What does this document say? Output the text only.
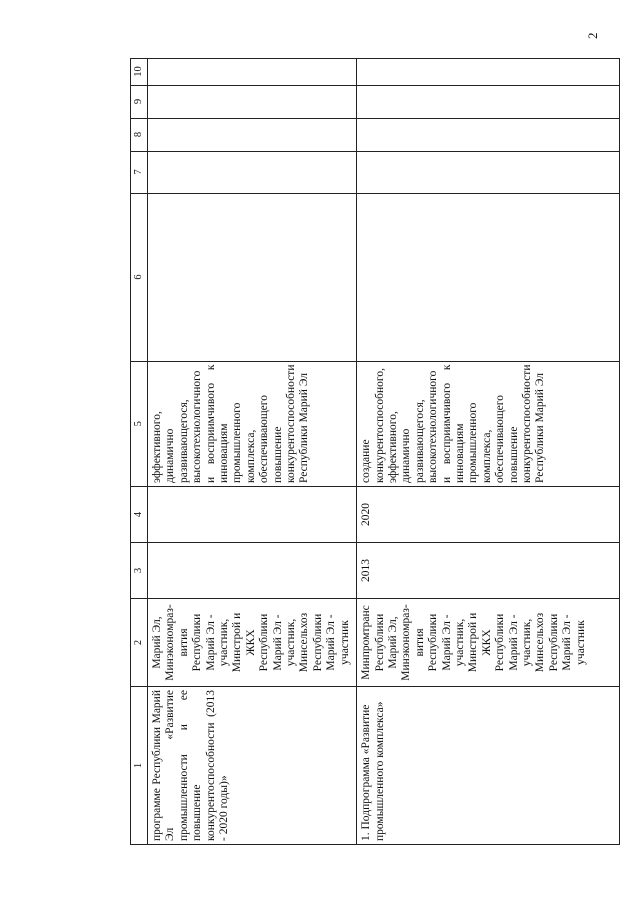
2
1	2	3	4	5	6	7	8	9	10

программе Республики Марий Эл «Развитие промышленности и ее повышение конкурентоспособности (2013 - 2020 годы)»	Марий Эл, Минэкономраз-вития Республики Марий Эл - участник, Минстрой и ЖКХ Республики Марий Эл - участник, Минсельхоз Республики Марий Эл - участник			эффективного, динамично развивающегося, высокотехнологичного и восприимчивого к инновациям промышленного комплекса, обеспечивающего повышение конкурентоспособности Республики Марий Эл					

1. Подпрограмма «Развитие промышленного комплекса»	Минпромтранс Республики Марий Эл, Минэкономраз-вития Республики Марий Эл - участник, Минстрой и ЖКХ Республики Марий Эл - участник, Минсельхоз Республики Марий Эл - участник	2013	2020	создание конкурентоспособного, эффективного, динамично развивающегося, высокотехнологичного и восприимчивого к инновациям промышленного комплекса, обеспечивающего повышение конкурентоспособности Республики Марий Эл					
